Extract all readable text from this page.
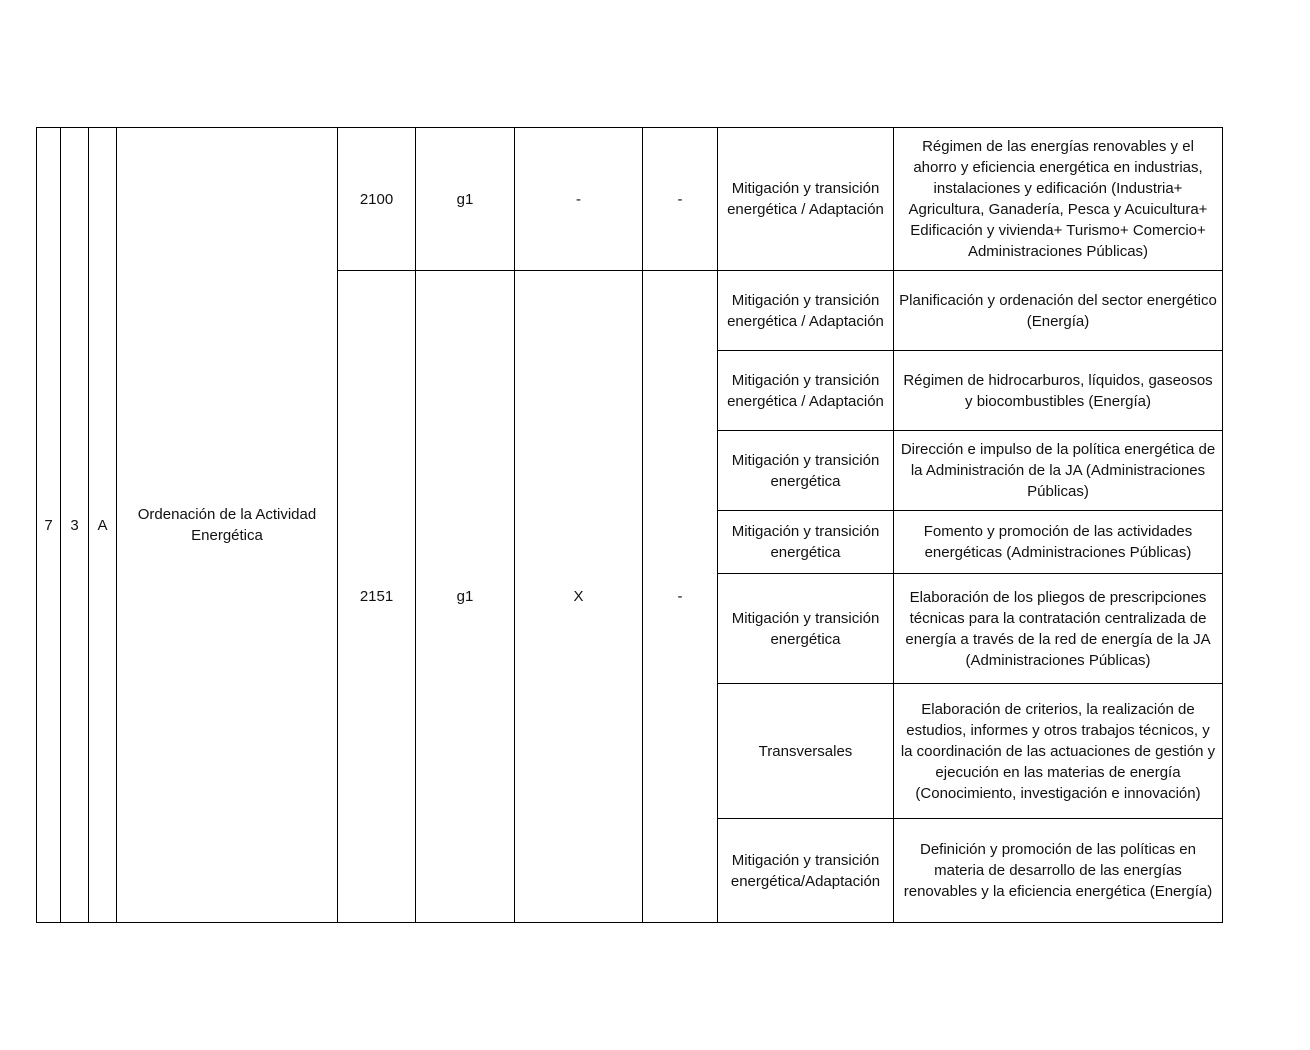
7	3	A	Ordenación de la Actividad Energética	2100	g1	-	-	Mitigación y transición energética / Adaptación	Régimen de las energías renovables y el ahorro y eficiencia energética en industrias, instalaciones y edificación (Industria+ Agricultura, Ganadería, Pesca y Acuicultura+ Edificación y vivienda+ Turismo+ Comercio+ Administraciones Públicas)
				2151	g1	X	-	Mitigación y transición energética / Adaptación	Planificación y ordenación del sector energético (Energía)
								Mitigación y transición energética / Adaptación	Régimen de hidrocarburos, líquidos, gaseosos y biocombustibles (Energía)
								Mitigación y transición energética	Dirección e impulso de la política energética de la Administración de la JA (Administraciones Públicas)
								Mitigación y transición energética	Fomento y promoción de las actividades energéticas (Administraciones Públicas)
								Mitigación y transición energética	Elaboración de los pliegos de prescripciones técnicas para la contratación centralizada de energía a través de la red de energía de la JA (Administraciones Públicas)
								Transversales	Elaboración de criterios, la realización de estudios, informes y otros trabajos técnicos, y la coordinación de las actuaciones de gestión y ejecución en las materias de energía (Conocimiento, investigación e innovación)
								Mitigación y transición energética/Adaptación	Definición y promoción de las políticas en materia de desarrollo de las energías renovables y la eficiencia energética (Energía)
